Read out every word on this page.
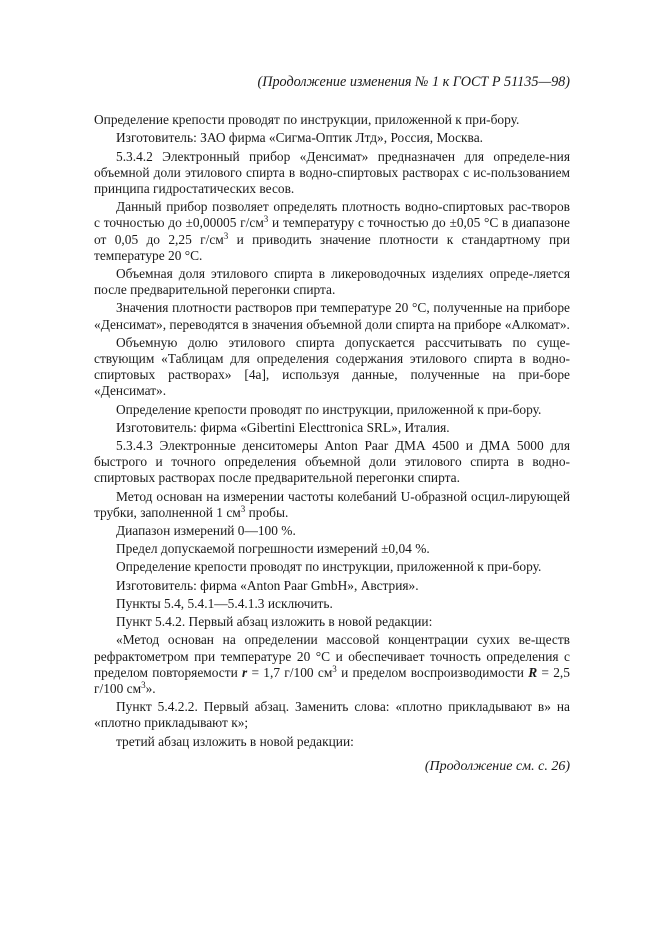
(Продолжение изменения № 1 к ГОСТ Р 51135—98)

Определение крепости проводят по инструкции, приложенной к при-бору.

Изготовитель: ЗАО фирма «Сигма-Оптик Лтд», Россия, Москва.

5.3.4.2 Электронный прибор «Денсимат» предназначен для определе-ния объемной доли этилового спирта в водно-спиртовых растворах с ис-пользованием принципа гидростатических весов.

Данный прибор позволяет определять плотность водно-спиртовых рас-творов с точностью до ±0,00005 $г/см^3$ и температуру с точностью до ±0,05 °С в диапазоне от 0,05 до 2,25 $г/см^3$ и приводить значение плотности к стандартному при температуре 20 °С.

Объемная доля этилового спирта в ликероводочных изделиях опреде-ляется после предварительной перегонки спирта.

Значения плотности растворов при температуре 20 °С, полученные на приборе «Денсимат», переводятся в значения объемной доли спирта на приборе «Алкомат».

Объемную долю этилового спирта допускается рассчитывать по суще-ствующим «Таблицам для определения содержания этилового спирта в водно-спиртовых растворах» [4а], используя данные, полученные на при-боре «Денсимат».

Определение крепости проводят по инструкции, приложенной к при-бору.

Изготовитель: фирма «Gibertini Electtronica SRL», Италия.

5.3.4.3 Электронные денситомеры Anton Paar ДМА 4500 и ДМА 5000 для быстрого и точного определения объемной доли этилового спирта в водно-спиртовых растворах после предварительной перегонки спирта.

Метод основан на измерении частоты колебаний U-образной осцил-лирующей трубки, заполненной 1 $см^3$ пробы.

Диапазон измерений 0—100 %.

Предел допускаемой погрешности измерений ±0,04 %.

Определение крепости проводят по инструкции, приложенной к при-бору.

Изготовитель: фирма «Anton Paar GmbH», Австрия».

Пункты 5.4, 5.4.1—5.4.1.3 исключить.

Пункт 5.4.2. Первый абзац изложить в новой редакции:

«Метод основан на определении массовой концентрации сухих ве-ществ рефрактометром при температуре 20 °С и обеспечивает точность определения с пределом повторяемости r = 1,7 г/100 $см^3$ и пределом воспроизводимости R = 2,5 г/100 $см^3$».

Пункт 5.4.2.2. Первый абзац. Заменить слова: «плотно прикладывают в» на «плотно прикладывают к»;

третий абзац изложить в новой редакции:

(Продолжение см. с. 26)
